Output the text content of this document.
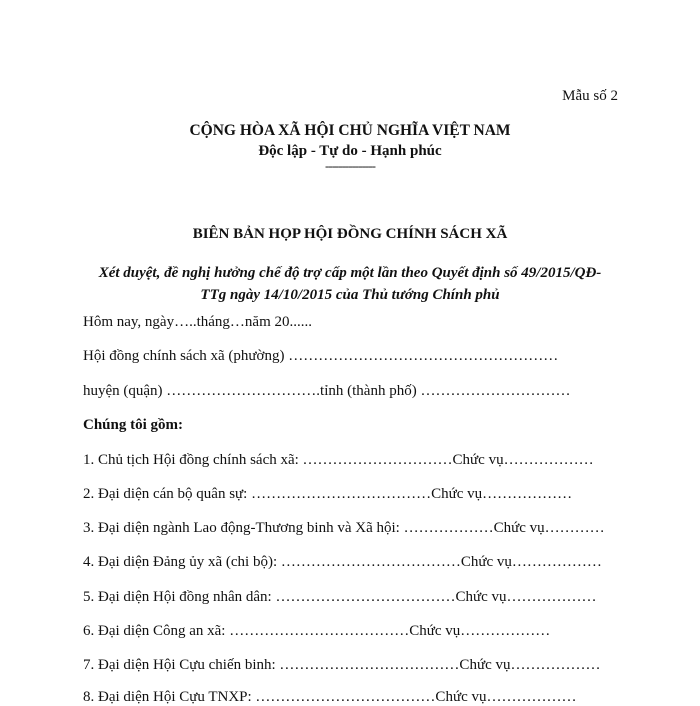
Mẫu số 2
CỘNG HÒA XÃ HỘI CHỦ NGHĨA VIỆT NAM
Độc lập - Tự do - Hạnh phúc
---------------
BIÊN BẢN HỌP HỘI ĐỒNG CHÍNH SÁCH XÃ
Xét duyệt, đề nghị hưởng chế độ trợ cấp một lần theo Quyết định số 49/2015/QĐ-
TTg ngày 14/10/2015 của Thủ tướng Chính phủ
Hôm nay, ngày…..tháng…năm 20......
Hội đồng chính sách xã (phường) ………………………………………………
huyện (quận) ………………………….tỉnh (thành phố) …………………………
Chúng tôi gồm:
1. Chủ tịch Hội đồng chính sách xã: …………………………Chức vụ………………
2. Đại diện cán bộ quân sự: ………………………………Chức vụ………………
3. Đại diện ngành Lao động-Thương binh và Xã hội: ………………Chức vụ…………
4. Đại diện Đảng ủy xã (chi bộ): ………………………………Chức vụ………………
5. Đại diện Hội đồng nhân dân: ………………………………Chức vụ………………
6. Đại diện Công an xã: ………………………………Chức vụ………………
7. Đại diện Hội Cựu chiến binh: ………………………………Chức vụ………………
8. Đại diện Hội Cựu TNXP: ………………………………Chức vụ………………
